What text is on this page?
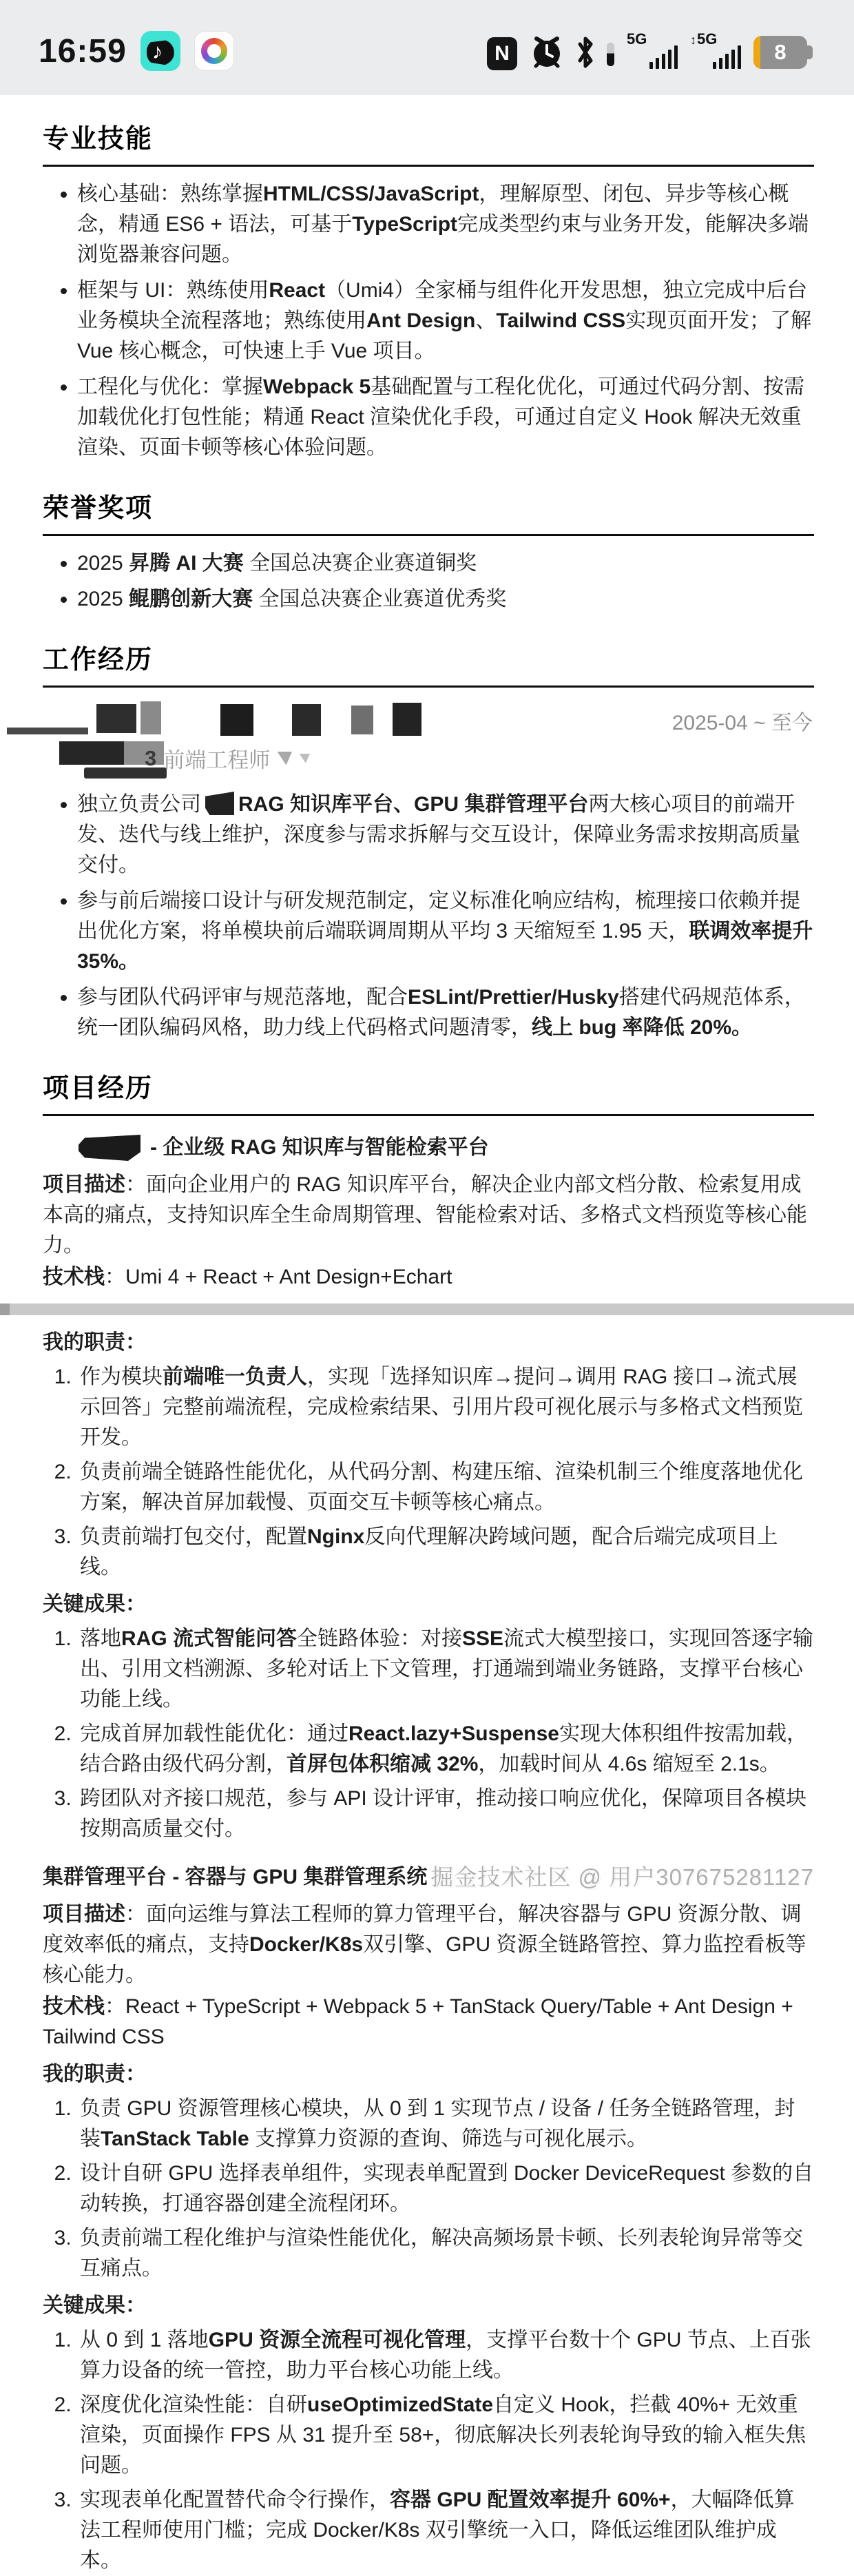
16:59 ♪	N
5G	↕5G
8
专业技能
• 核心基础：熟练掌握HTML/CSS/JavaScript，理解原型、闭包、异步等核心概念，精通 ES6 + 语法，可基于TypeScript完成类型约束与业务开发，能解决多端浏览器兼容问题。
• 框架与 UI：熟练使用React（Umi4）全家桶与组件化开发思想，独立完成中后台业务模块全流程落地；熟练使用Ant Design、Tailwind CSS实现页面开发；了解 Vue 核心概念，可快速上手 Vue 项目。
• 工程化与优化：掌握Webpack 5基础配置与工程化优化，可通过代码分割、按需加载优化打包性能；精通 React 渲染优化手段，可通过自定义 Hook 解决无效重渲染、页面卡顿等核心体验问题。
荣誉奖项
• 2025 昇腾 AI 大赛 全国总决赛企业赛道铜奖
• 2025 鲲鹏创新大赛 全国总决赛企业赛道优秀奖
工作经历
2025-04 ~ 至今
3 前端工程师
• 独立负责公司 RAG 知识库平台、GPU 集群管理平台两大核心项目的前端开发、迭代与线上维护，深度参与需求拆解与交互设计，保障业务需求按期高质量交付。
• 参与前后端接口设计与研发规范制定，定义标准化响应结构，梳理接口依赖并提出优化方案，将单模块前后端联调周期从平均 3 天缩短至 1.95 天，联调效率提升 35%。
• 参与团队代码评审与规范落地，配合ESLint/Prettier/Husky搭建代码规范体系，统一团队编码风格，助力线上代码格式问题清零，线上 bug 率降低 20%。
项目经历

- 企业级 RAG 知识库与智能检索平台

项目描述：面向企业用户的 RAG 知识库平台，解决企业内部文档分散、检索复用成本高的痛点，支持知识库全生命周期管理、智能检索对话、多格式文档预览等核心能力。

技术栈：Umi 4 + React + Ant Design+Echart

我的职责：

1. 作为模块前端唯一负责人，实现「选择知识库→提问→调用 RAG 接口→流式展示回答」完整前端流程，完成检索结果、引用片段可视化展示与多格式文档预览开发。
2. 负责前端全链路性能优化，从代码分割、构建压缩、渲染机制三个维度落地优化方案，解决首屏加载慢、页面交互卡顿等核心痛点。
3. 负责前端打包交付，配置Nginx反向代理解决跨域问题，配合后端完成项目上线。

关键成果：

1. 落地RAG 流式智能问答全链路体验：对接SSE流式大模型接口，实现回答逐字输出、引用文档溯源、多轮对话上下文管理，打通端到端业务链路，支撑平台核心功能上线。
2. 完成首屏加载性能优化：通过React.lazy+Suspense实现大体积组件按需加载，结合路由级代码分割，首屏包体积缩减 32%，加载时间从 4.6s 缩短至 2.1s。
3. 跨团队对齐接口规范，参与 API 设计评审，推动接口响应优化，保障项目各模块按期高质量交付。

集群管理平台 - 容器与 GPU 集群管理系统

项目描述：面向运维与算法工程师的算力管理平台，解决容器与 GPU 资源分散、调度效率低的痛点，支持Docker/K8s双引擎、GPU 资源全链路管控、算力监控看板等核心能力。

技术栈：React + TypeScript + Webpack 5 + TanStack Query/Table + Ant Design + Tailwind CSS

我的职责：

1. 负责 GPU 资源管理核心模块，从 0 到 1 实现节点 / 设备 / 任务全链路管理，封装TanStack Table 支撑算力资源的查询、筛选与可视化展示。
2. 设计自研 GPU 选择表单组件，实现表单配置到 Docker DeviceRequest 参数的自动转换，打通容器创建全流程闭环。
3. 负责前端工程化维护与渲染性能优化，解决高频场景卡顿、长列表轮询异常等交互痛点。

关键成果：

1. 从 0 到 1 落地GPU 资源全流程可视化管理，支撑平台数十个 GPU 节点、上百张算力设备的统一管控，助力平台核心功能上线。
2. 深度优化渲染性能：自研useOptimizedState自定义 Hook，拦截 40%+ 无效重渲染，页面操作 FPS 从 31 提升至 58+，彻底解决长列表轮询导致的输入框失焦问题。
3. 实现表单化配置替代命令行操作，容器 GPU 配置效率提升 60%+，大幅降低算法工程师使用门槛；完成 Docker/K8s 双引擎统一入口，降低运维团队维护成本。
掘金技术社区 @ 用户307675281127
